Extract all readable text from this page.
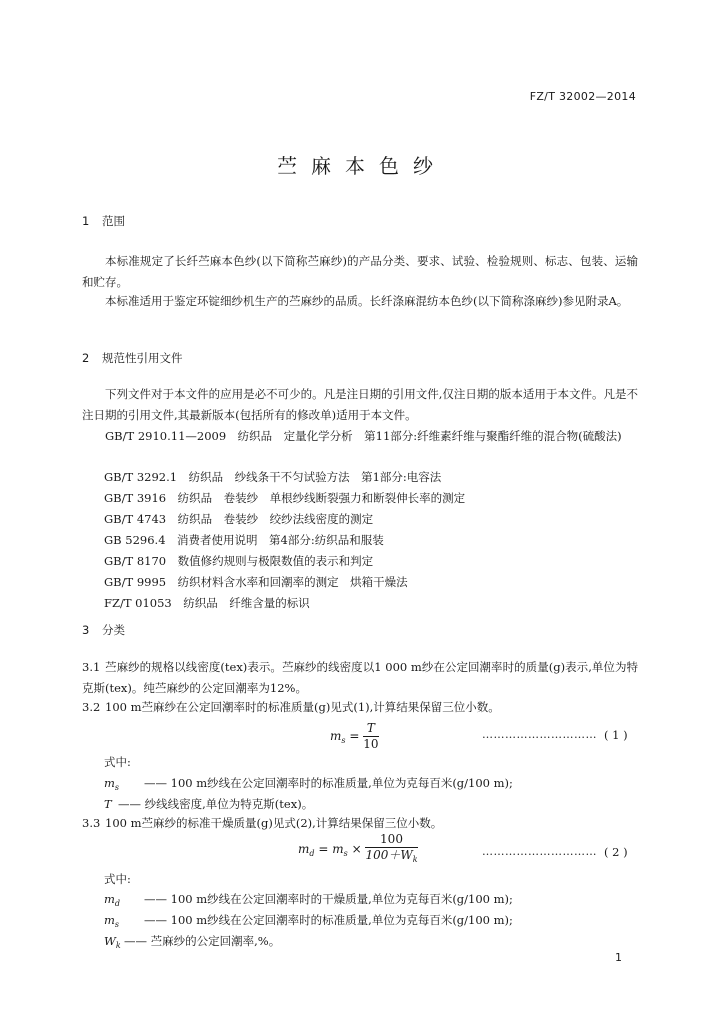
FZ/T 32002—2014
苎麻本色纱
1 范围
本标准规定了长纤苎麻本色纱(以下简称苎麻纱)的产品分类、要求、试验、检验规则、标志、包装、运输和贮存。
本标准适用于鉴定环锭细纱机生产的苎麻纱的品质。长纤涤麻混纺本色纱(以下简称涤麻纱)参见附录A。
2 规范性引用文件
下列文件对于本文件的应用是必不可少的。凡是注日期的引用文件,仅注日期的版本适用于本文件。凡是不注日期的引用文件,其最新版本(包括所有的修改单)适用于本文件。
GB/T 2910.11—2009　纺织品　定量化学分析　第11部分:纤维素纤维与聚酯纤维的混合物(硫酸法)
GB/T 3292.1　纺织品　纱线条干不匀试验方法　第1部分:电容法
GB/T 3916　纺织品　卷装纱　单根纱线断裂强力和断裂伸长率的测定
GB/T 4743　纺织品　卷装纱　绞纱法线密度的测定
GB 5296.4　消费者使用说明　第4部分:纺织品和服装
GB/T 8170　数值修约规则与极限数值的表示和判定
GB/T 9995　纺织材料含水率和回潮率的测定　烘箱干燥法
FZ/T 01053　纺织品　纤维含量的标识
3 分类
3.1 苎麻纱的规格以线密度(tex)表示。苎麻纱的线密度以1 000 m纱在公定回潮率时的质量(g)表示,单位为特克斯(tex)。纯苎麻纱的公定回潮率为12%。
3.2 100 m苎麻纱在公定回潮率时的标准质量(g)见式(1),计算结果保留三位小数。
$m_s = \frac{T}{10}$	………………………… ( 1 )
式中:
$m_s$ —— 100 m纱线在公定回潮率时的标准质量,单位为克每百米(g/100 m);
T —— 纱线线密度,单位为特克斯(tex)。
3.3 100 m苎麻纱的标准干燥质量(g)见式(2),计算结果保留三位小数。
$m_d = m_s \times \frac{100}{100+W_k}$	………………………… ( 2 )
式中:
$m_d$ —— 100 m纱线在公定回潮率时的干燥质量,单位为克每百米(g/100 m);
$m_s$ —— 100 m纱线在公定回潮率时的标准质量,单位为克每百米(g/100 m);
$W_k$ —— 苎麻纱的公定回潮率,%。
1
